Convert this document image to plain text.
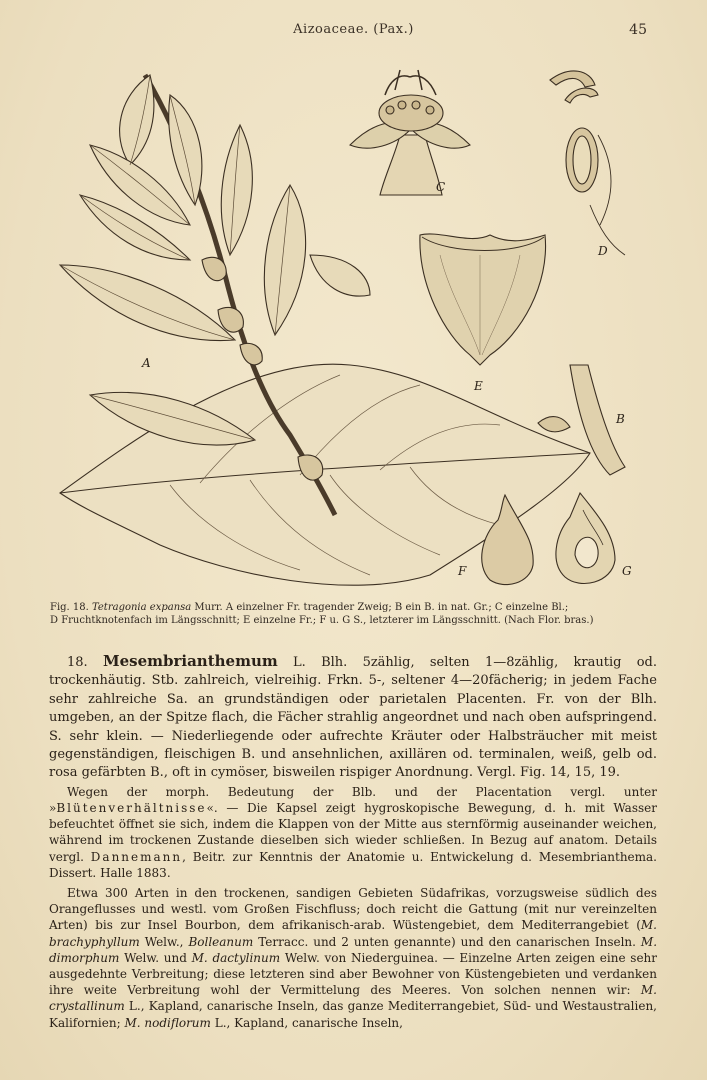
Aizoaceae. (Pax.)	45
A
B
C
D
E
F	G
Fig. 18. Tetragonia expansa Murr. A einzelner Fr. tragender Zweig; B ein B. in nat. Gr.; C einzelne Bl.;
D Fruchtknotenfach im Längsschnitt; E einzelne Fr.; F u. G S., letzterer im Längsschnitt. (Nach Flor. bras.)

18. Mesembrianthemum L. Blh. 5zählig, selten 1—8zählig, krautig od. trockenhäutig. Stb. zahlreich, vielreihig. Frkn. 5-, seltener 4—20fächerig; in jedem Fache sehr zahlreiche Sa. an grundständigen oder parietalen Placenten. Fr. von der Blh. umgeben, an der Spitze flach, die Fächer strahlig angeordnet und nach oben aufspringend. S. sehr klein. — Niederliegende oder aufrechte Kräuter oder Halbsträucher mit meist gegenständigen, fleischigen B. und ansehnlichen, axillären od. terminalen, weiß, gelb od. rosa gefärbten B., oft in cymöser, bisweilen rispiger Anordnung. Vergl. Fig. 14, 15, 19.

Wegen der morph. Bedeutung der Blb. und der Placentation vergl. unter »Blütenverhältnisse«. — Die Kapsel zeigt hygroskopische Bewegung, d. h. mit Wasser befeuchtet öffnet sie sich, indem die Klappen von der Mitte aus sternförmig auseinander weichen, während im trockenen Zustande dieselben sich wieder schließen. In Bezug auf anatom. Details vergl. Dannemann, Beitr. zur Kenntnis der Anatomie u. Entwickelung d. Mesembrianthema. Dissert. Halle 1883.

Etwa 300 Arten in den trockenen, sandigen Gebieten Südafrikas, vorzugsweise südlich des Orangeflusses und westl. vom Großen Fischfluss; doch reicht die Gattung (mit nur vereinzelten Arten) bis zur Insel Bourbon, dem afrikanisch-arab. Wüstengebiet, dem Mediterrangebiet (M. brachyphyllum Welw., Bolleanum Terracc. und 2 unten genannte) und den canarischen Inseln. M. dimorphum Welw. und M. dactylinum Welw. von Niederguinea. — Einzelne Arten zeigen eine sehr ausgedehnte Verbreitung; diese letzteren sind aber Bewohner von Küstengebieten und verdanken ihre weite Verbreitung wohl der Vermittelung des Meeres. Von solchen nennen wir: M. crystallinum L., Kapland, canarische Inseln, das ganze Mediterrangebiet, Süd- und Westaustralien, Kalifornien; M. nodiflorum L., Kapland, canarische Inseln,
